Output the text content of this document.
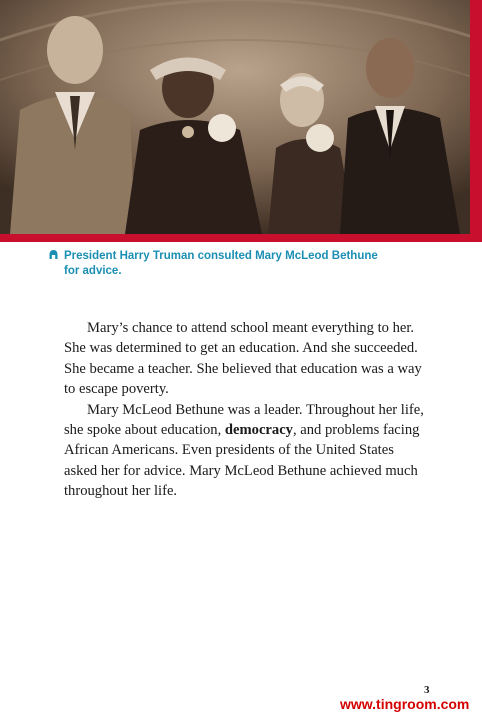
President Harry Truman consulted Mary McLeod Bethune
for advice.

Mary’s chance to attend school meant everything to her. She was determined to get an education. And she succeeded. She became a teacher. She believed that education was a way to escape poverty.

Mary McLeod Bethune was a leader. Throughout her life, she spoke about education, democracy, and problems facing African Americans. Even presidents of the United States asked her for advice. Mary McLeod Bethune achieved much throughout her life.

3
www.tingroom.com
